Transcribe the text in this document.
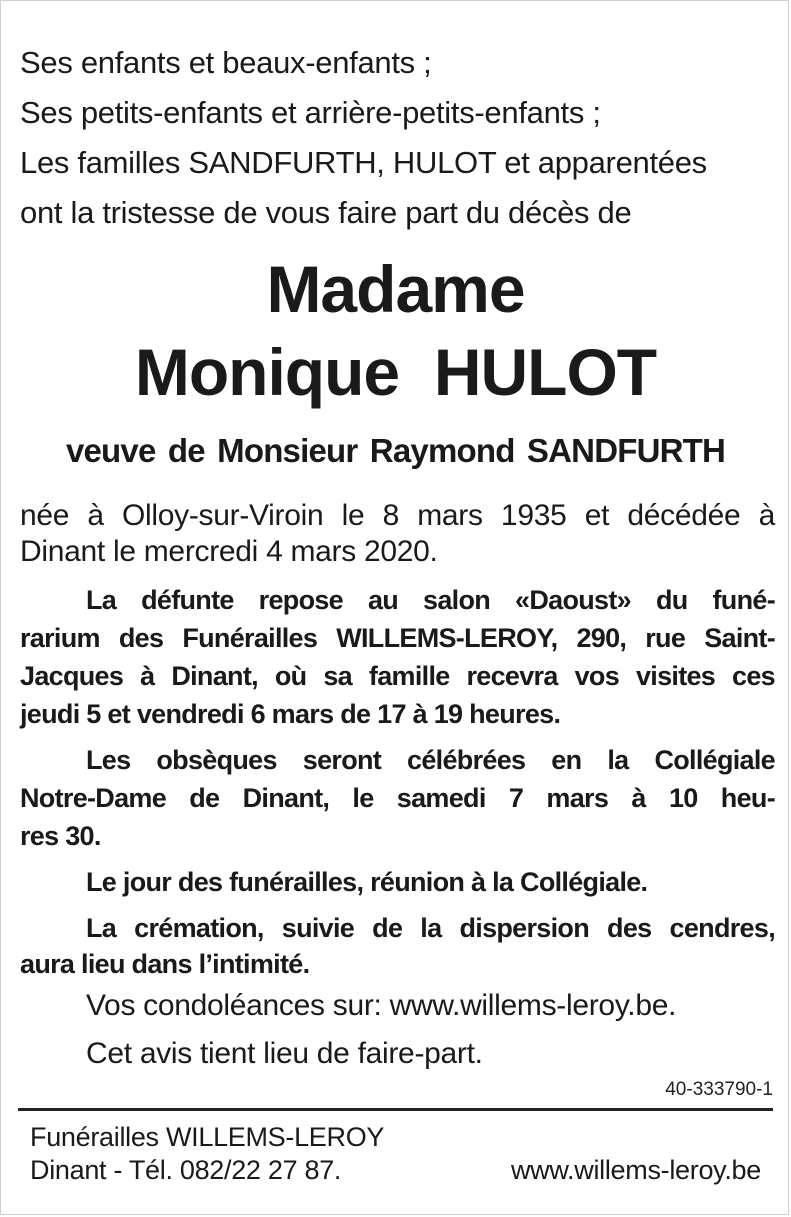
Ses enfants et beaux-enfants ;

Ses petits-enfants et arrière-petits-enfants ;

Les familles SANDFURTH, HULOT et apparentées

ont la tristesse de vous faire part du décès de

Madame
Monique  HULOT
veuve de Monsieur Raymond SANDFURTH
née à Olloy-sur-Viroin le 8 mars 1935 et décédée à
Dinant le mercredi 4 mars 2020.
La défunte repose au salon «Daoust» du funé-
rarium des Funérailles WILLEMS-LEROY, 290, rue Saint-
Jacques à Dinant, où sa famille recevra vos visites ces
jeudi 5 et vendredi 6 mars de 17 à 19 heures.
Les obsèques seront célébrées en la Collégiale
Notre-Dame de Dinant, le samedi 7 mars à 10 heu-
res 30.
Le jour des funérailles, réunion à la Collégiale.
La crémation, suivie de la dispersion des cendres,
aura lieu dans l’intimité.
Vos condoléances sur: www.willems-leroy.be.
Cet avis tient lieu de faire-part.
40-333790-1
Funérailles WILLEMS-LEROY
Dinant - Tél. 082/22 27 87.	www.willems-leroy.be
